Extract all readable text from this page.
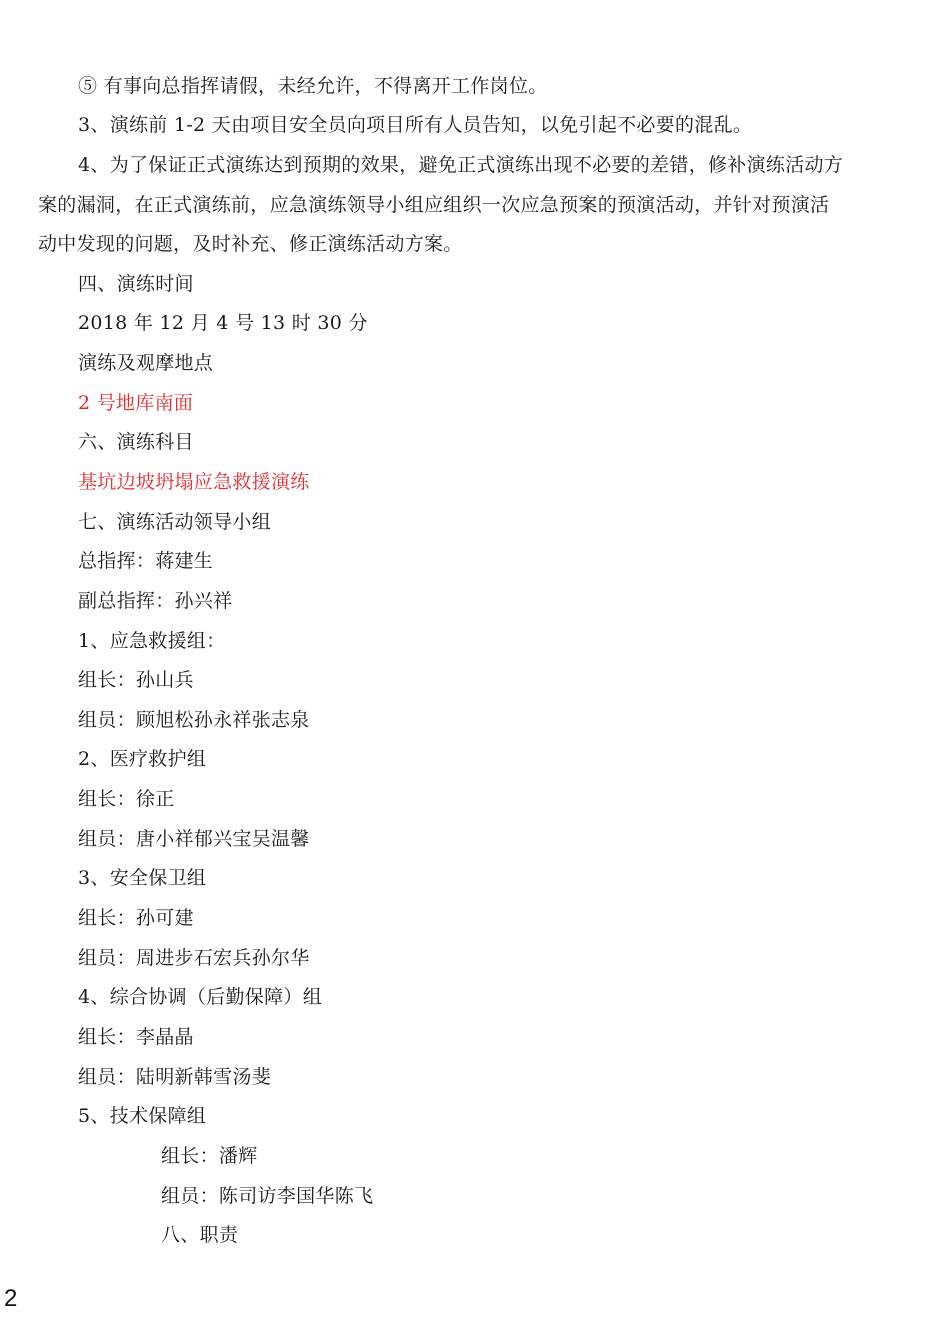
⑤ 有事向总指挥请假，未经允许，不得离开工作岗位。
3、演练前 1-2 天由项目安全员向项目所有人员告知，以免引起不必要的混乱。
4、为了保证正式演练达到预期的效果，避免正式演练出现不必要的差错，修补演练活动方
案的漏洞，在正式演练前，应急演练领导小组应组织一次应急预案的预演活动，并针对预演活
动中发现的问题，及时补充、修正演练活动方案。
四、演练时间
2018 年 12 月 4 号 13 时 30 分
演练及观摩地点
2 号地库南面
六、演练科目
基坑边坡坍塌应急救援演练
七、演练活动领导小组
总指挥：蒋建生
副总指挥：孙兴祥
1、应急救援组：
组长：孙山兵
组员：顾旭松孙永祥张志泉
2、医疗救护组
组长：徐正
组员：唐小祥郁兴宝吴温馨
3、安全保卫组
组长：孙可建
组员：周进步石宏兵孙尔华
4、综合协调（后勤保障）组
组长：李晶晶
组员：陆明新韩雪汤斐
5、技术保障组
组长：潘辉
组员：陈司访李国华陈飞
八、职责
2
